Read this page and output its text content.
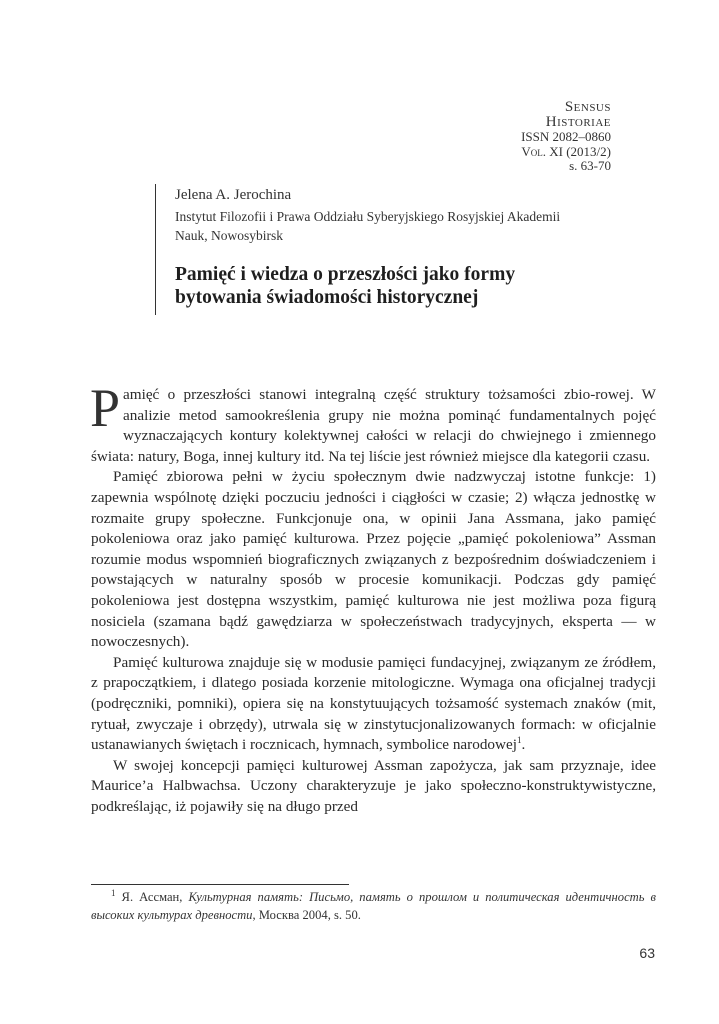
Sensus
Historiae
ISSN 2082–0860
Vol. XI (2013/2)
s. 63-70
Jelena A. Jerochina
Instytut Filozofii i Prawa Oddziału Syberyjskiego Rosyjskiej Akademii
Nauk, Nowosybirsk
Pamięć i wiedza o przeszłości jako formy
bytowania świadomości historycznej

Pamięć o przeszłości stanowi integralną część struktury tożsamości zbio-rowej. W analizie metod samookreślenia grupy nie można pominąć fundamentalnych pojęć wyznaczających kontury kolektywnej całości w relacji do chwiejnego i zmiennego świata: natury, Boga, innej kultury itd. Na tej liście jest również miejsce dla kategorii czasu.

Pamięć zbiorowa pełni w życiu społecznym dwie nadzwyczaj istotne funkcje: 1) zapewnia wspólnotę dzięki poczuciu jedności i ciągłości w czasie; 2) włącza jednostkę w rozmaite grupy społeczne. Funkcjonuje ona, w opinii Jana Assmana, jako pamięć pokoleniowa oraz jako pamięć kulturowa. Przez pojęcie „pamięć pokoleniowa” Assman rozumie modus wspomnień biograficznych związanych z bezpośrednim doświadczeniem i powstających w naturalny sposób w procesie komunikacji. Podczas gdy pamięć pokoleniowa jest dostępna wszystkim, pamięć kulturowa nie jest możliwa poza figurą nosiciela (szamana bądź gawędziarza w społeczeństwach tradycyjnych, eksperta — w nowoczesnych).

Pamięć kulturowa znajduje się w modusie pamięci fundacyjnej, związanym ze źródłem, z prapoczątkiem, i dlatego posiada korzenie mitologiczne. Wymaga ona oficjalnej tradycji (podręczniki, pomniki), opiera się na konstytuujących tożsamość systemach znaków (mit, rytuał, zwyczaje i obrzędy), utrwala się w zinstytucjonalizowanych formach: w oficjalnie ustanawianych świętach i rocznicach, hymnach, symbolice narodowej$^1$.

W swojej koncepcji pamięci kulturowej Assman zapożycza, jak sam przyznaje, idee Maurice’a Halbwachsa. Uczony charakteryzuje je jako społeczno-konstruktywistyczne, podkreślając, iż pojawiły się na długo przed

$^1$ Я. Ассман, Культурная память: Письмо, память о прошлом и политическая идентичность в высоких культурах древности, Москва 2004, s. 50.

63
